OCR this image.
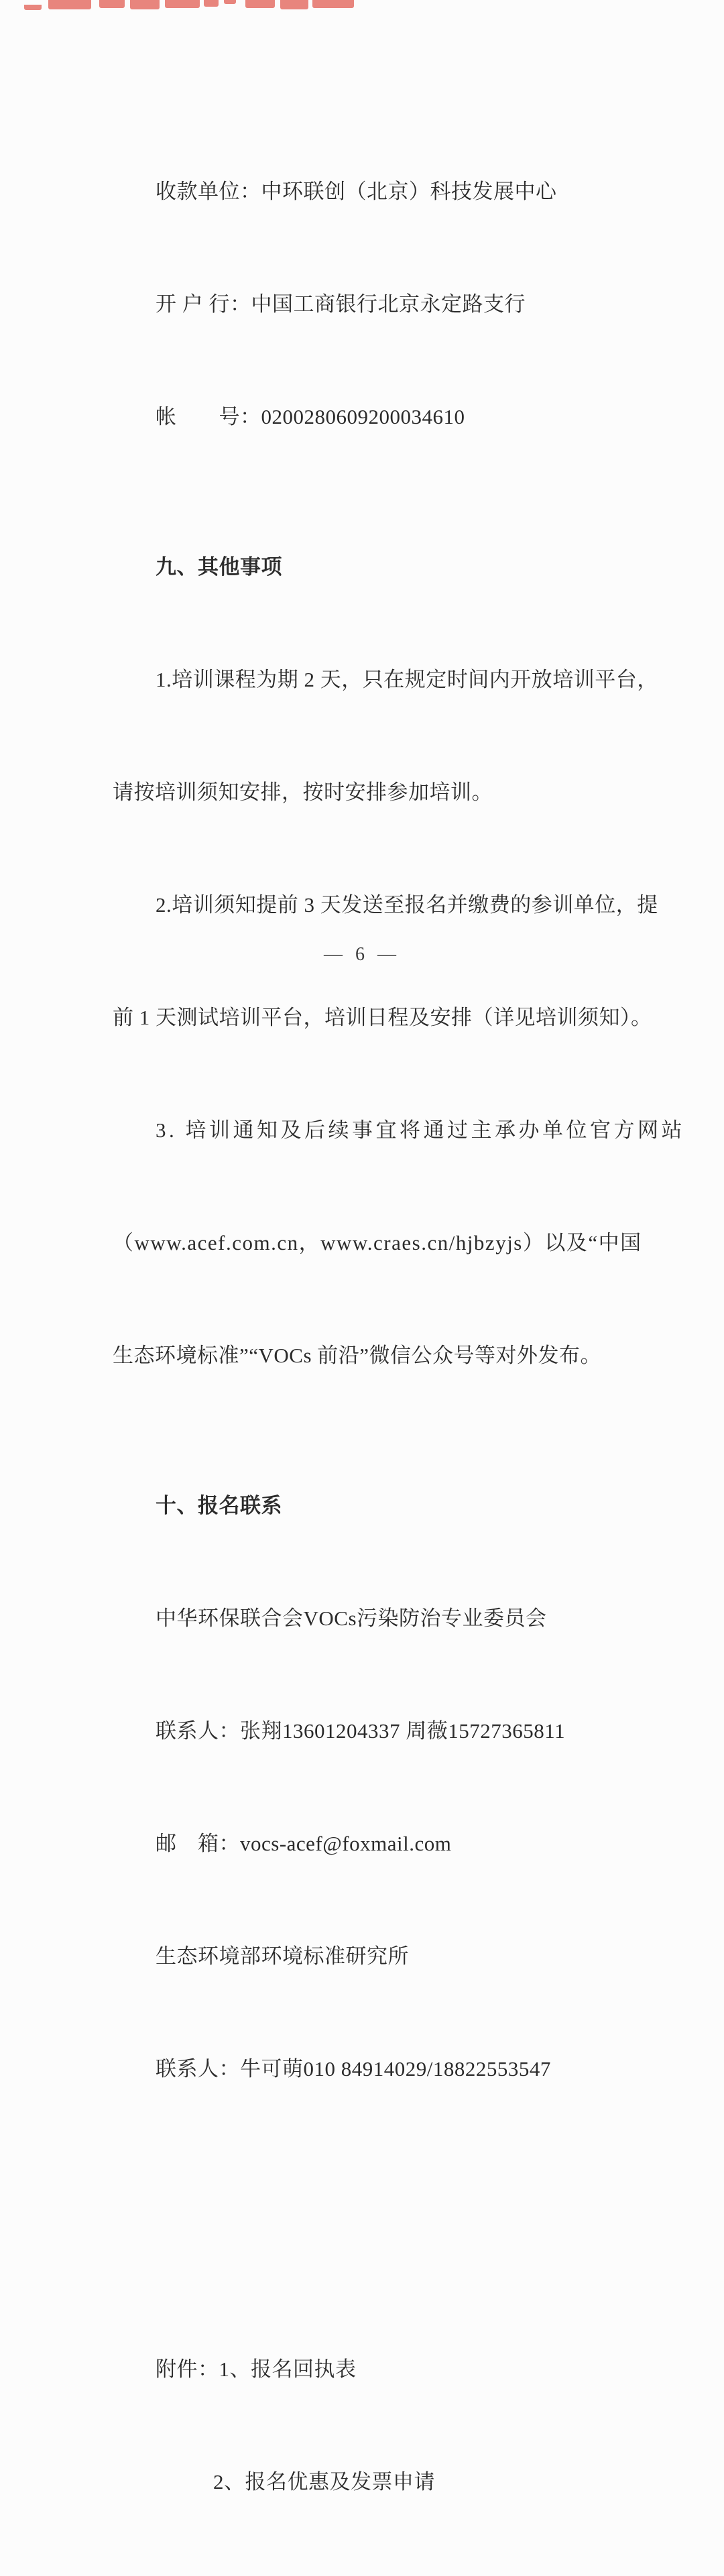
收款单位：中环联创（北京）科技发展中心

开 户 行：中国工商银行北京永定路支行

帐　　号：0200280609200034610

九、其他事项

1.培训课程为期 2 天，只在规定时间内开放培训平台，

请按培训须知安排，按时安排参加培训。

2.培训须知提前 3 天发送至报名并缴费的参训单位，提

前 1 天测试培训平台，培训日程及安排（详见培训须知）。

3. 培训通知及后续事宜将通过主承办单位官方网站

（www.acef.com.cn，www.craes.cn/hjbzyjs）以及“中国

生态环境标准”“VOCs 前沿”微信公众号等对外发布。

十、报名联系

中华环保联合会VOCs污染防治专业委员会

联系人：张翔13601204337 周薇15727365811

邮　箱：vocs-acef@foxmail.com

生态环境部环境标准研究所

联系人：牛可萌010 84914029/18822553547

附件：1、报名回执表

2、报名优惠及发票申请

— 6 —
